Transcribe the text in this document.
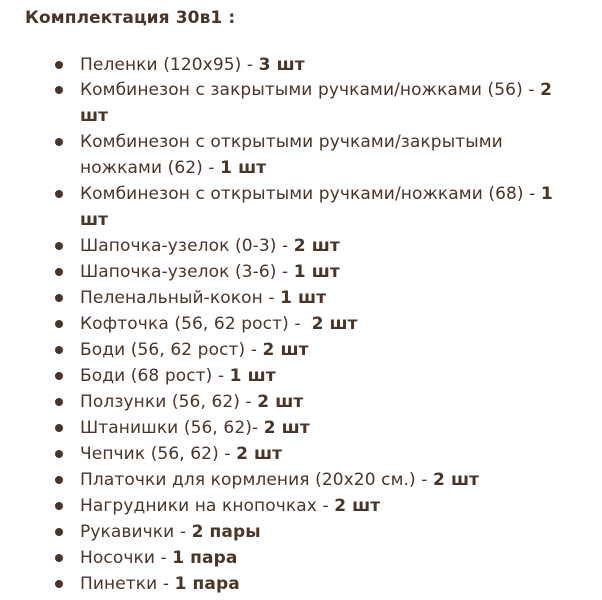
Комплектация 30в1 :
Пеленки (120х95) - 3 шт
Комбинезон с закрытыми ручками/ножками (56) - 2
шт
Комбинезон с открытыми ручками/закрытыми
ножками (62) - 1 шт
Комбинезон с открытыми ручками/ножками (68) - 1
шт
Шапочка-узелок (0-3) - 2 шт
Шапочка-узелок (3-6) - 1 шт
Пеленальный-кокон - 1 шт
Кофточка (56, 62 рост) -  2 шт
Боди (56, 62 рост) - 2 шт
Боди (68 рост) - 1 шт
Ползунки (56, 62) - 2 шт
Штанишки (56, 62)- 2 шт
Чепчик (56, 62) - 2 шт
Платочки для кормления (20х20 см.) - 2 шт
Нагрудники на кнопочках - 2 шт
Рукавички - 2 пары
Носочки - 1 пара
Пинетки - 1 пара
